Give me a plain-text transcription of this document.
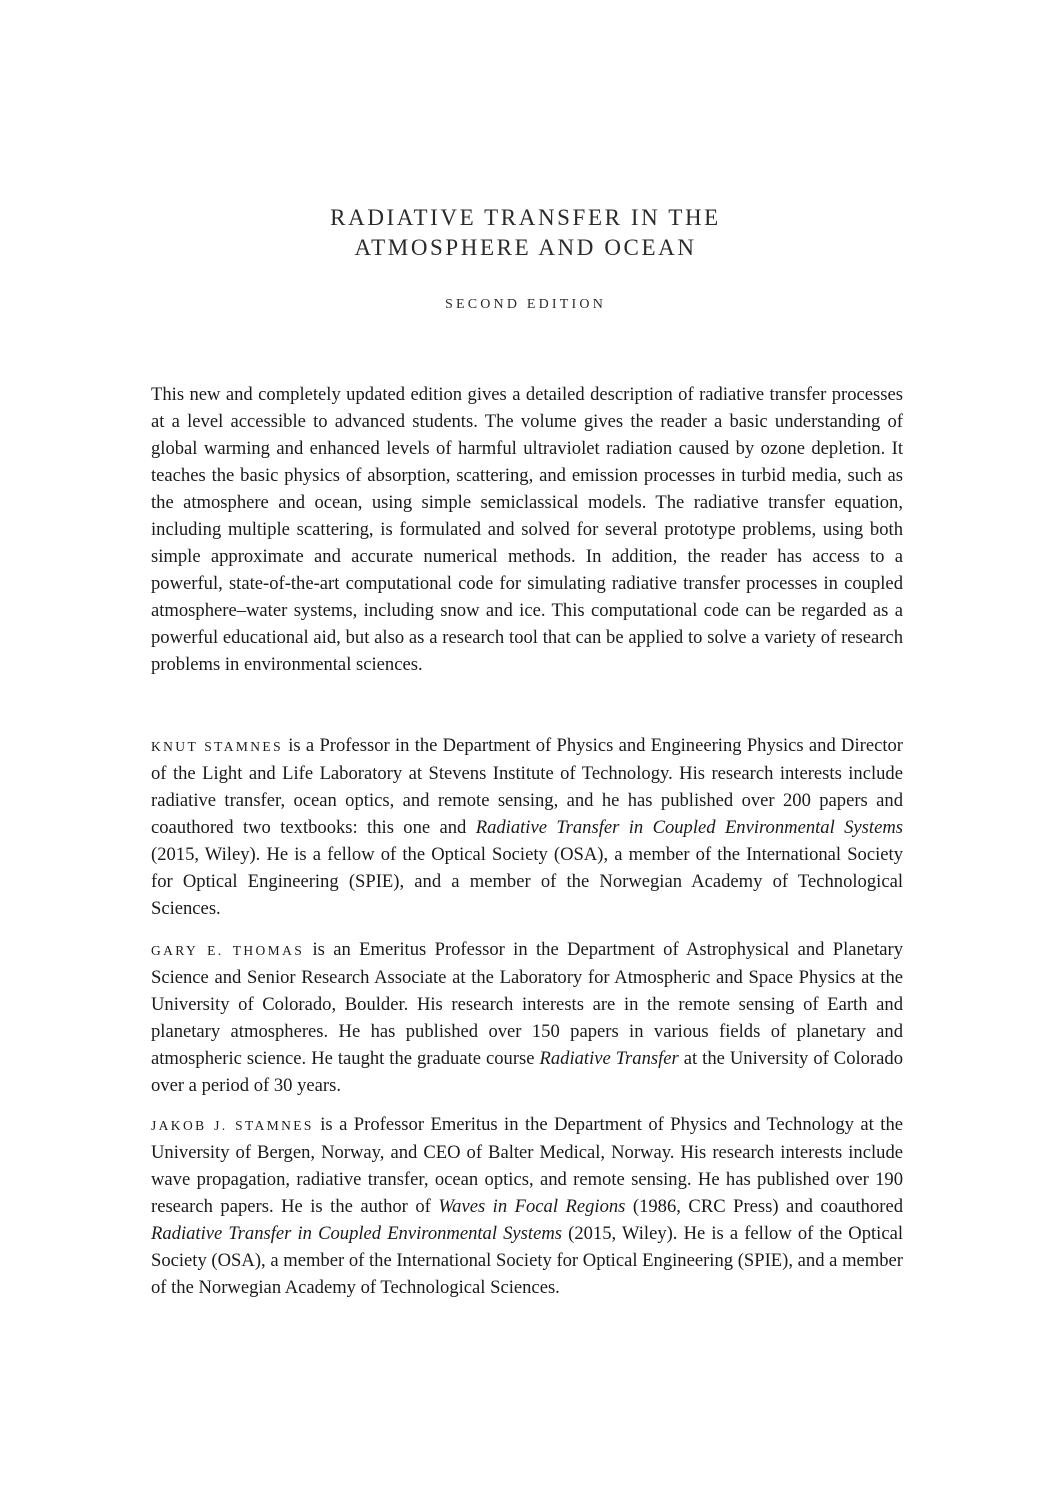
RADIATIVE TRANSFER IN THE
ATMOSPHERE AND OCEAN
SECOND EDITION

This new and completely updated edition gives a detailed description of radiative transfer processes at a level accessible to advanced students. The volume gives the reader a basic understanding of global warming and enhanced levels of harmful ultraviolet radiation caused by ozone depletion. It teaches the basic physics of absorption, scattering, and emission processes in turbid media, such as the atmosphere and ocean, using simple semiclassical models. The radiative transfer equation, including multiple scattering, is formulated and solved for several prototype problems, using both simple approximate and accurate numerical methods. In addition, the reader has access to a powerful, state-of-the-art computational code for simulating radiative transfer processes in coupled atmosphere–water systems, including snow and ice. This computational code can be regarded as a powerful educational aid, but also as a research tool that can be applied to solve a variety of research problems in environmental sciences.

KNUT STAMNES is a Professor in the Department of Physics and Engineering Physics and Director of the Light and Life Laboratory at Stevens Institute of Technology. His research interests include radiative transfer, ocean optics, and remote sensing, and he has published over 200 papers and coauthored two textbooks: this one and Radiative Transfer in Coupled Environmental Systems (2015, Wiley). He is a fellow of the Optical Society (OSA), a member of the International Society for Optical Engineering (SPIE), and a member of the Norwegian Academy of Technological Sciences.

GARY E. THOMAS is an Emeritus Professor in the Department of Astrophysical and Planetary Science and Senior Research Associate at the Laboratory for Atmospheric and Space Physics at the University of Colorado, Boulder. His research interests are in the remote sensing of Earth and planetary atmospheres. He has published over 150 papers in various fields of planetary and atmospheric science. He taught the graduate course Radiative Transfer at the University of Colorado over a period of 30 years.

JAKOB J. STAMNES is a Professor Emeritus in the Department of Physics and Technology at the University of Bergen, Norway, and CEO of Balter Medical, Norway. His research interests include wave propagation, radiative transfer, ocean optics, and remote sensing. He has published over 190 research papers. He is the author of Waves in Focal Regions (1986, CRC Press) and coauthored Radiative Transfer in Coupled Environmental Systems (2015, Wiley). He is a fellow of the Optical Society (OSA), a member of the International Society for Optical Engineering (SPIE), and a member of the Norwegian Academy of Technological Sciences.
